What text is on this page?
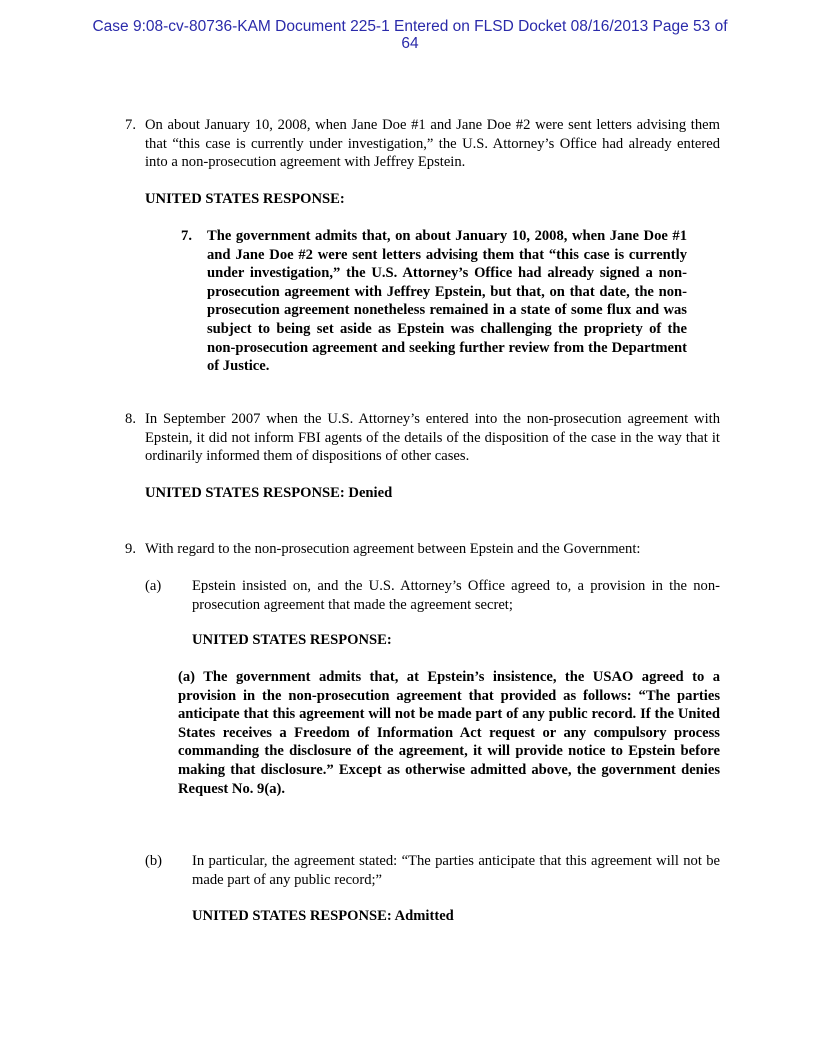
Case 9:08-cv-80736-KAM Document 225-1 Entered on FLSD Docket 08/16/2013 Page 53 of
64
7. On about January 10, 2008, when Jane Doe #1 and Jane Doe #2 were sent letters advising them that “this case is currently under investigation,” the U.S. Attorney’s Office had already entered into a non-prosecution agreement with Jeffrey Epstein.
UNITED STATES RESPONSE:
7. The government admits that, on about January 10, 2008, when Jane Doe #1 and Jane Doe #2 were sent letters advising them that “this case is currently under investigation,” the U.S. Attorney’s Office had already signed a non-prosecution agreement with Jeffrey Epstein, but that, on that date, the non-prosecution agreement nonetheless remained in a state of some flux and was subject to being set aside as Epstein was challenging the propriety of the non-prosecution agreement and seeking further review from the Department of Justice.
8. In September 2007 when the U.S. Attorney’s entered into the non-prosecution agreement with Epstein, it did not inform FBI agents of the details of the disposition of the case in the way that it ordinarily informed them of dispositions of other cases.
UNITED STATES RESPONSE: Denied
9. With regard to the non-prosecution agreement between Epstein and the Government:
(a) Epstein insisted on, and the U.S. Attorney’s Office agreed to, a provision in the non-prosecution agreement that made the agreement secret;
UNITED STATES RESPONSE:
(a) The government admits that, at Epstein’s insistence, the USAO agreed to a provision in the non-prosecution agreement that provided as follows: “The parties anticipate that this agreement will not be made part of any public record. If the United States receives a Freedom of Information Act request or any compulsory process commanding the disclosure of the agreement, it will provide notice to Epstein before making that disclosure.” Except as otherwise admitted above, the government denies Request No. 9(a).
(b) In particular, the agreement stated: “The parties anticipate that this agreement will not be made part of any public record;”
UNITED STATES RESPONSE: Admitted
